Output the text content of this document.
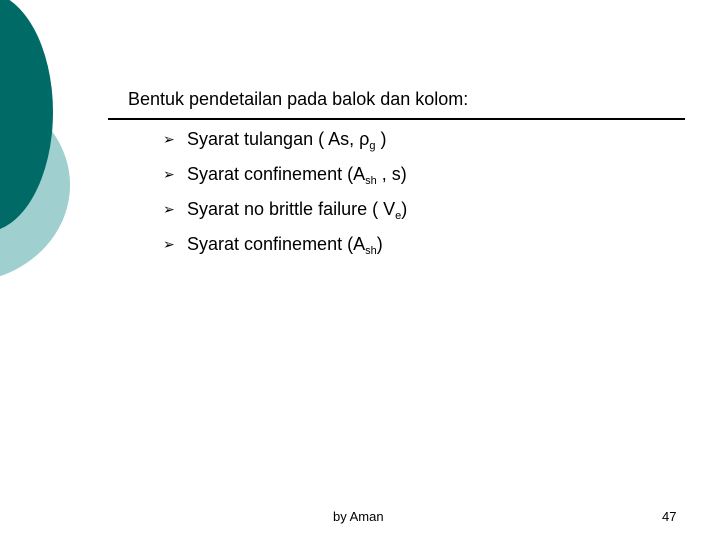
Bentuk pendetailan pada balok dan kolom:
➢ Syarat tulangan ( As, $\rho_g$ )
➢ Syarat confinement ($A_{sh}$ , s)
➢ Syarat no brittle failure ( $V_e$)
➢ Syarat confinement $(A_{sh})$
by Aman	47
